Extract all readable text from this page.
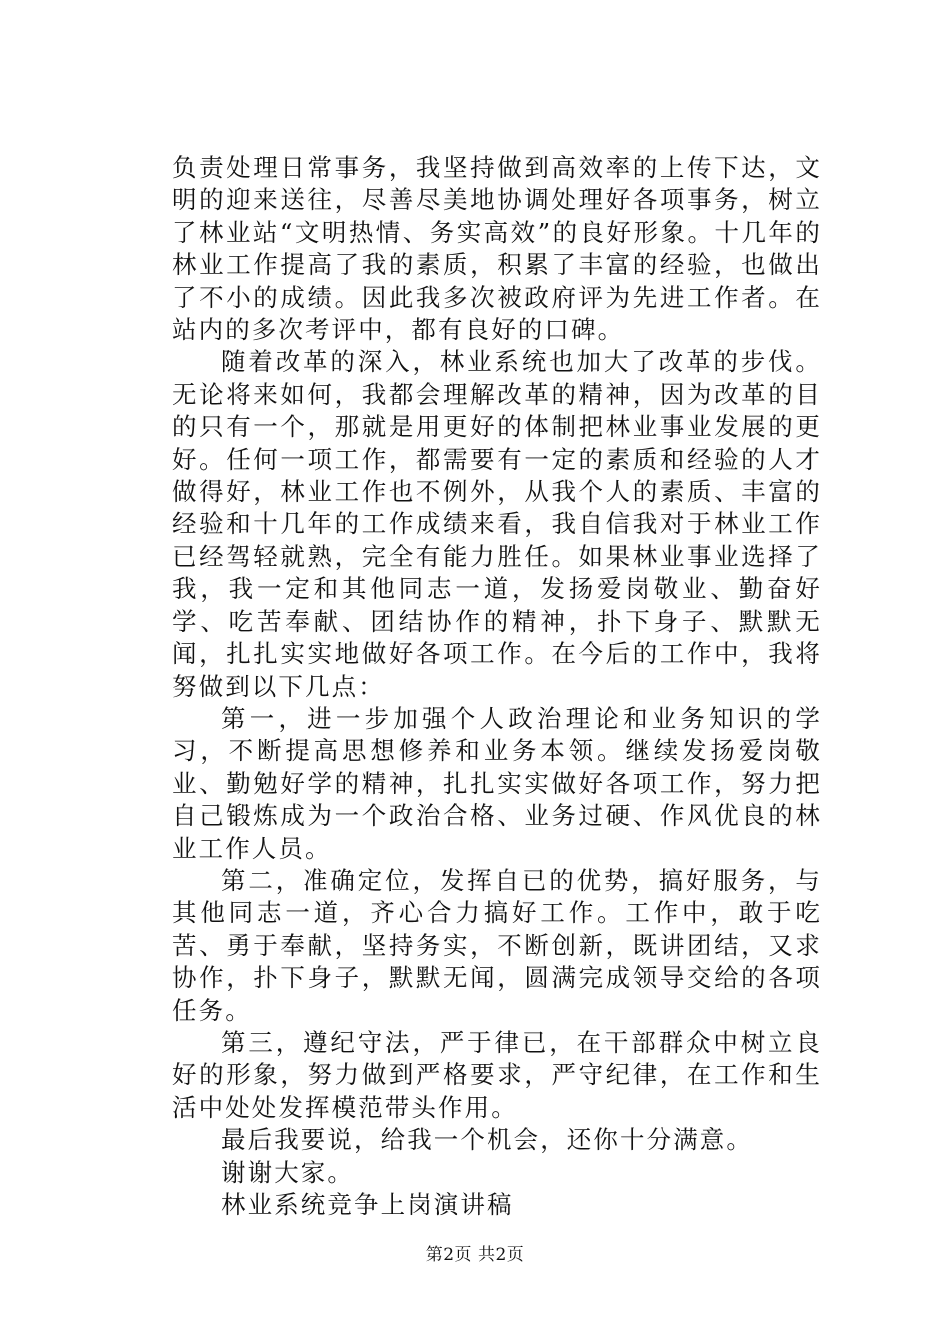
负责处理日常事务，我坚持做到高效率的上传下达，文明的迎来送往，尽善尽美地协调处理好各项事务，树立了林业站“文明热情、务实高效”的良好形象。十几年的林业工作提高了我的素质，积累了丰富的经验，也做出了不小的成绩。因此我多次被政府评为先进工作者。在站内的多次考评中，都有良好的口碑。

随着改革的深入，林业系统也加大了改革的步伐。无论将来如何，我都会理解改革的精神，因为改革的目的只有一个，那就是用更好的体制把林业事业发展的更好。任何一项工作，都需要有一定的素质和经验的人才做得好，林业工作也不例外，从我个人的素质、丰富的经验和十几年的工作成绩来看，我自信我对于林业工作已经驾轻就熟，完全有能力胜任。如果林业事业选择了我，我一定和其他同志一道，发扬爱岗敬业、勤奋好学、吃苦奉献、团结协作的精神，扑下身子、默默无闻，扎扎实实地做好各项工作。在今后的工作中，我将努做到以下几点：

第一，进一步加强个人政治理论和业务知识的学习，不断提高思想修养和业务本领。继续发扬爱岗敬业、勤勉好学的精神，扎扎实实做好各项工作，努力把自己锻炼成为一个政治合格、业务过硬、作风优良的林业工作人员。

第二，准确定位，发挥自已的优势，搞好服务，与其他同志一道，齐心合力搞好工作。工作中，敢于吃苦、勇于奉献，坚持务实，不断创新，既讲团结，又求协作，扑下身子，默默无闻，圆满完成领导交给的各项任务。

第三，遵纪守法，严于律已，在干部群众中树立良好的形象，努力做到严格要求，严守纪律，在工作和生活中处处发挥模范带头作用。

最后我要说，给我一个机会，还你十分满意。

谢谢大家。

林业系统竞争上岗演讲稿

第2页 共2页
